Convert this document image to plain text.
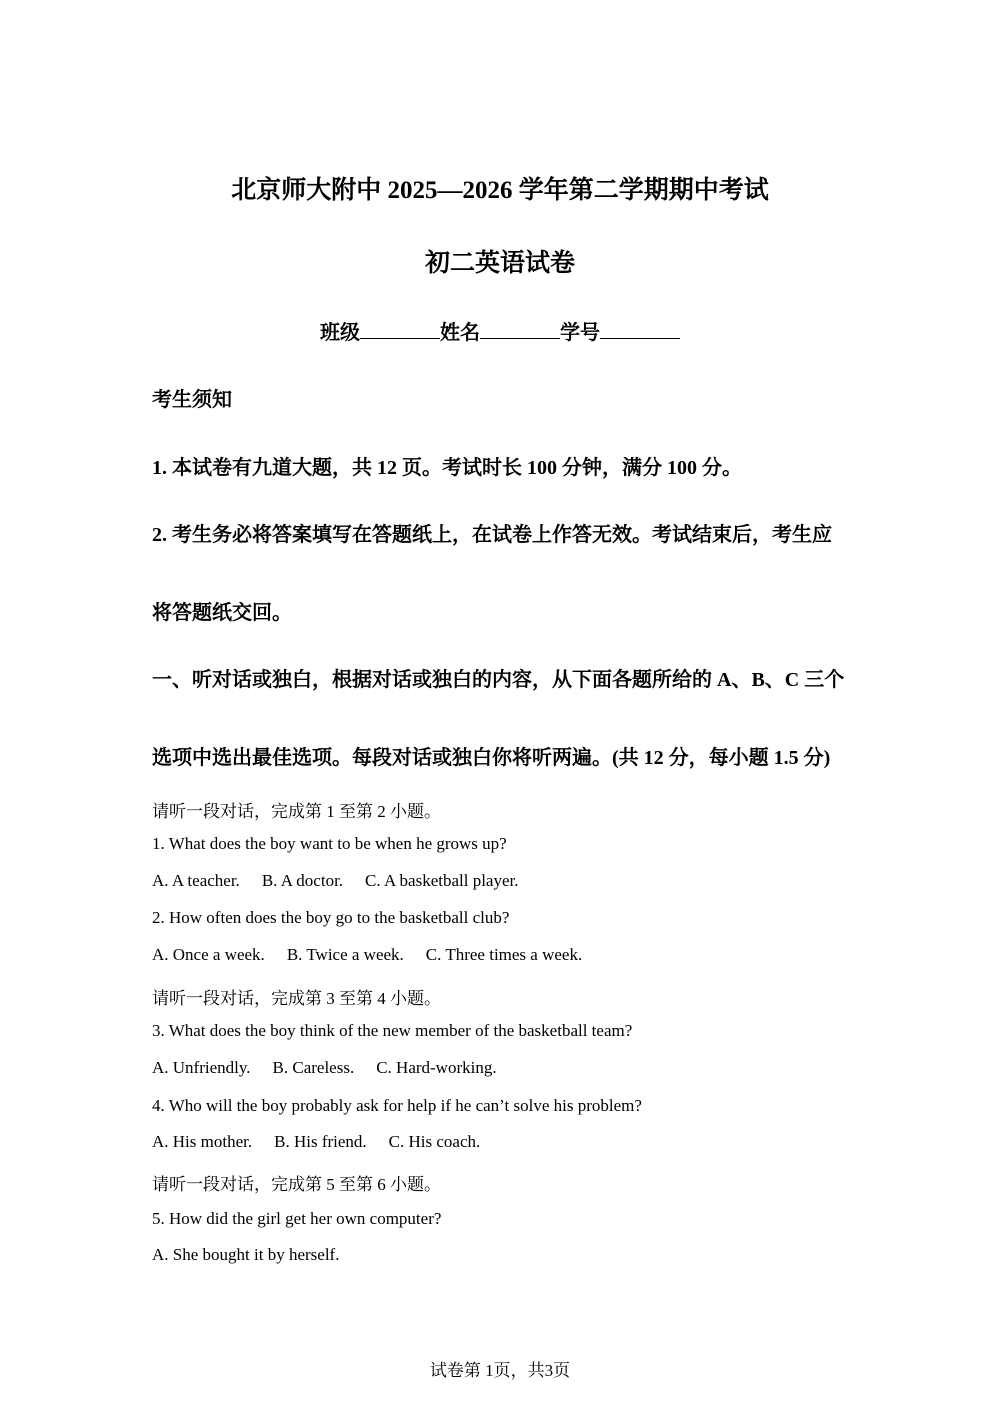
北京师大附中 2025—2026 学年第二学期期中考试
初二英语试卷
班级	姓名	学号
考生须知
1. 本试卷有九道大题，共 12 页。考试时长 100 分钟，满分 100 分。
2. 考生务必将答案填写在答题纸上，在试卷上作答无效。考试结束后，考生应
将答题纸交回。
一、听对话或独白，根据对话或独白的内容，从下面各题所给的 A、B、C 三个
选项中选出最佳选项。每段对话或独白你将听两遍。(共 12 分，每小题 1.5 分)
请听一段对话，完成第 1 至第 2 小题。
1. What does the boy want to be when he grows up?
A. A teacher. B. A doctor. C. A basketball player.
2. How often does the boy go to the basketball club?
A. Once a week. B. Twice a week. C. Three times a week.
请听一段对话，完成第 3 至第 4 小题。
3. What does the boy think of the new member of the basketball team?
A. Unfriendly. B. Careless. C. Hard-working.
4. Who will the boy probably ask for help if he can’t solve his problem?
A. His mother. B. His friend. C. His coach.
请听一段对话，完成第 5 至第 6 小题。
5. How did the girl get her own computer?
A. She bought it by herself.
试卷第 1页，共3页
